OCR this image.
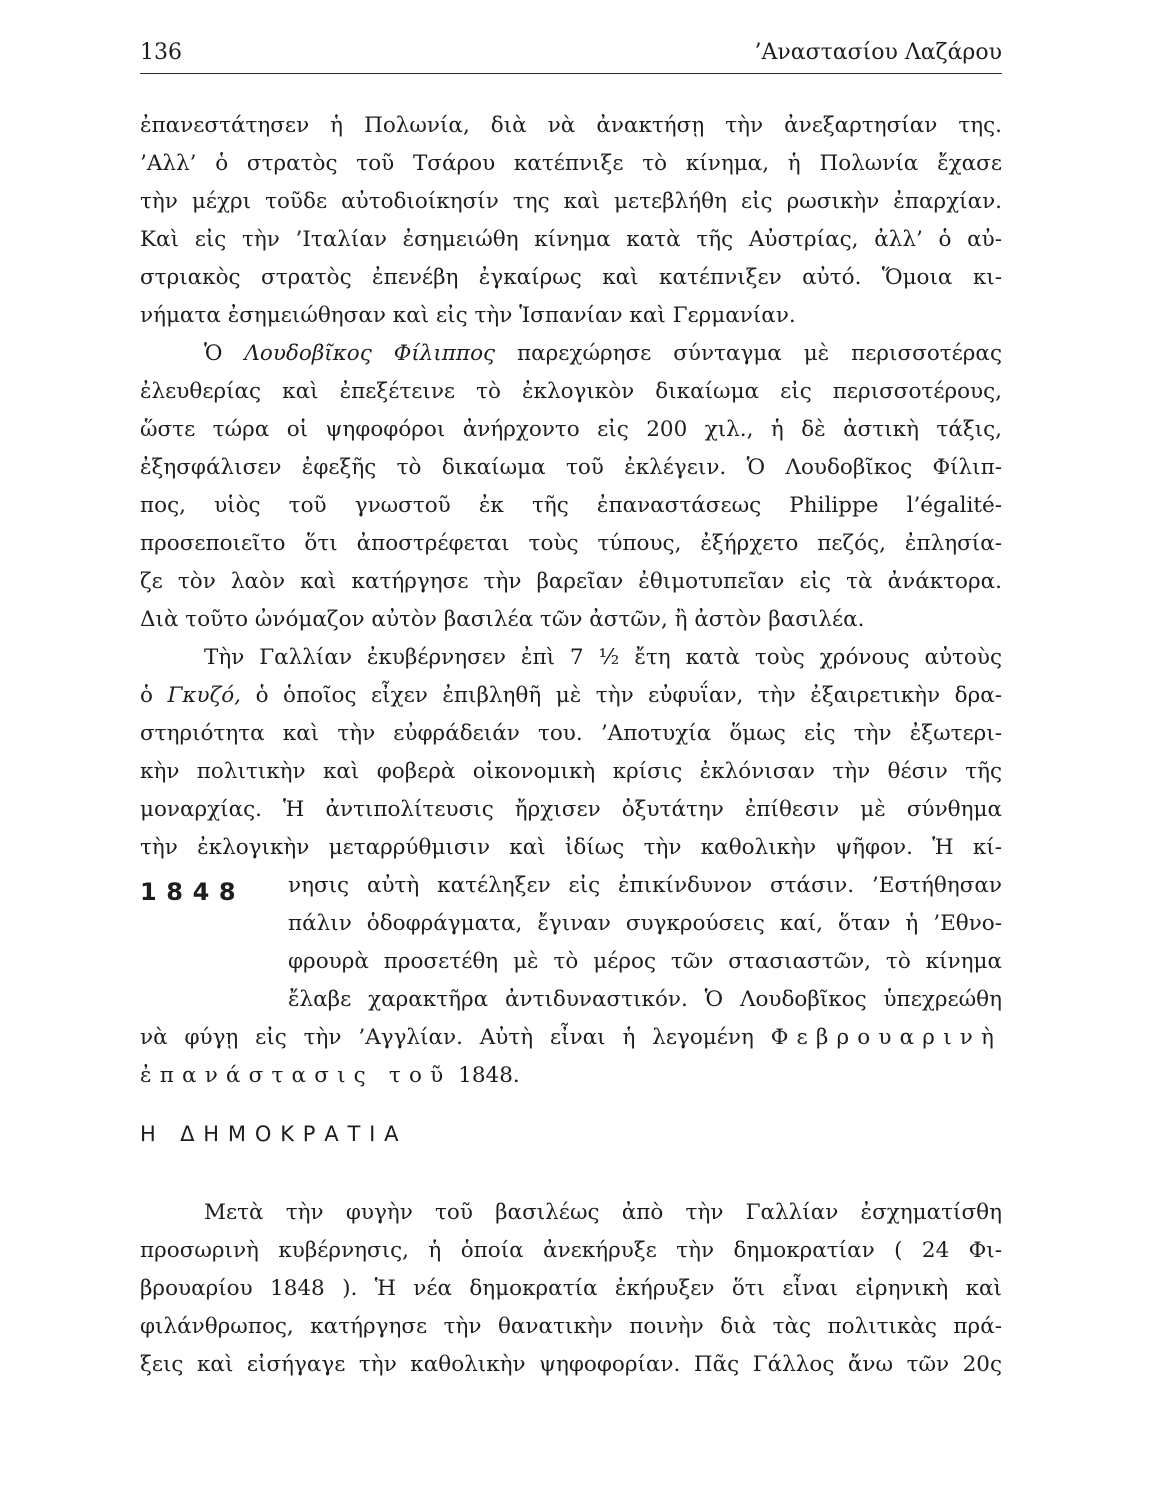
136	’Αναστασίου Λαζάρου
ἐπανεστάτησεν ἡ Πολωνία, διὰ νὰ ἀνακτήσῃ τὴν ἀνεξαρτησίαν της.
’Αλλ’ ὁ στρατὸς τοῦ Τσάρου κατέπνιξε τὸ κίνημα, ἡ Πολωνία ἔχασε
τὴν μέχρι τοῦδε αὐτοδιοίκησίν της καὶ μετεβλήθη εἰς ρωσικὴν ἐπαρχίαν.
Καὶ εἰς τὴν ’Ιταλίαν ἐσημειώθη κίνημα κατὰ τῆς Αὐστρίας, ἀλλ’ ὁ αὐ-
στριακὸς στρατὸς ἐπενέβη ἐγκαίρως καὶ κατέπνιξεν αὐτό. Ὅμοια κι-
νήματα ἐσημειώθησαν καὶ εἰς τὴν Ἱσπανίαν καὶ Γερμανίαν.
Ὁ Λουδοβῖκος Φίλιππος παρεχώρησε σύνταγμα μὲ περισσοτέρας
ἐλευθερίας καὶ ἐπεξέτεινε τὸ ἐκλογικὸν δικαίωμα εἰς περισσοτέρους,
ὥστε τώρα οἱ ψηφοφόροι ἀνήρχοντο εἰς 200 χιλ., ἡ δὲ ἀστικὴ τάξις,
ἐξησφάλισεν ἐφεξῆς τὸ δικαίωμα τοῦ ἐκλέγειν. Ὁ Λουδοβῖκος Φίλιπ-
πος, υἱὸς τοῦ γνωστοῦ ἐκ τῆς ἐπαναστάσεως Philippe l’égalité-
προσεποιεῖτο ὅτι ἀποστρέφεται τοὺς τύπους, ἐξήρχετο πεζός, ἐπλησία-
ζε τὸν λαὸν καὶ κατήργησε τὴν βαρεῖαν ἐθιμοτυπεῖαν εἰς τὰ ἀνάκτορα.
Διὰ τοῦτο ὠνόμαζον αὐτὸν βασιλέα τῶν ἀστῶν, ἢ ἀστὸν βασιλέα.
Τὴν Γαλλίαν ἐκυβέρνησεν ἐπὶ 7 ½ ἔτη κατὰ τοὺς χρόνους αὐτοὺς
ὁ Γκυζό, ὁ ὁποῖος εἶχεν ἐπιβληθῆ μὲ τὴν εὐφυΐαν, τὴν ἐξαιρετικὴν δρα-
στηριότητα καὶ τὴν εὐφράδειάν του. ’Αποτυχία ὅμως εἰς τὴν ἐξωτερι-
κὴν πολιτικὴν καὶ φοβερὰ οἰκονομικὴ κρίσις ἐκλόνισαν τὴν θέσιν τῆς
μοναρχίας. Ἡ ἀντιπολίτευσις ἤρχισεν ὀξυτάτην ἐπίθεσιν μὲ σύνθημα
τὴν ἐκλογικὴν μεταρρύθμισιν καὶ ἰδίως τὴν καθολικὴν ψῆφον. Ἡ κί-
νησις αὐτὴ κατέληξεν εἰς ἐπικίνδυνον στάσιν. ’Εστήθησαν
πάλιν ὁδοφράγματα, ἔγιναν συγκρούσεις καί, ὅταν ἡ ’Εθνο-
φρουρὰ προσετέθη μὲ τὸ μέρος τῶν στασιαστῶν, τὸ κίνημα
ἔλαβε χαρακτῆρα ἀντιδυναστικόν. Ὁ Λουδοβῖκος ὑπεχρεώθη
νὰ φύγῃ εἰς τὴν ’Αγγλίαν. Αὐτὴ εἶναι ἡ λεγομένη Φεβρουαρινὴ
ἐπανάστασις τοῦ 1848.
1848
Η ΔΗΜΟΚΡΑΤΙΑ
Μετὰ τὴν φυγὴν τοῦ βασιλέως ἀπὸ τὴν Γαλλίαν ἐσχηματίσθη
προσωρινὴ κυβέρνησις, ἡ ὁποία ἀνεκήρυξε τὴν δημοκρατίαν ( 24 Φι-
βρουαρίου 1848 ). Ἡ νέα δημοκρατία ἐκήρυξεν ὅτι εἶναι εἰρηνικὴ καὶ
φιλάνθρωπος, κατήργησε τὴν θανατικὴν ποινὴν διὰ τὰς πολιτικὰς πρά-
ξεις καὶ εἰσήγαγε τὴν καθολικὴν ψηφοφορίαν. Πᾶς Γάλλος ἄνω τῶν 20ς
